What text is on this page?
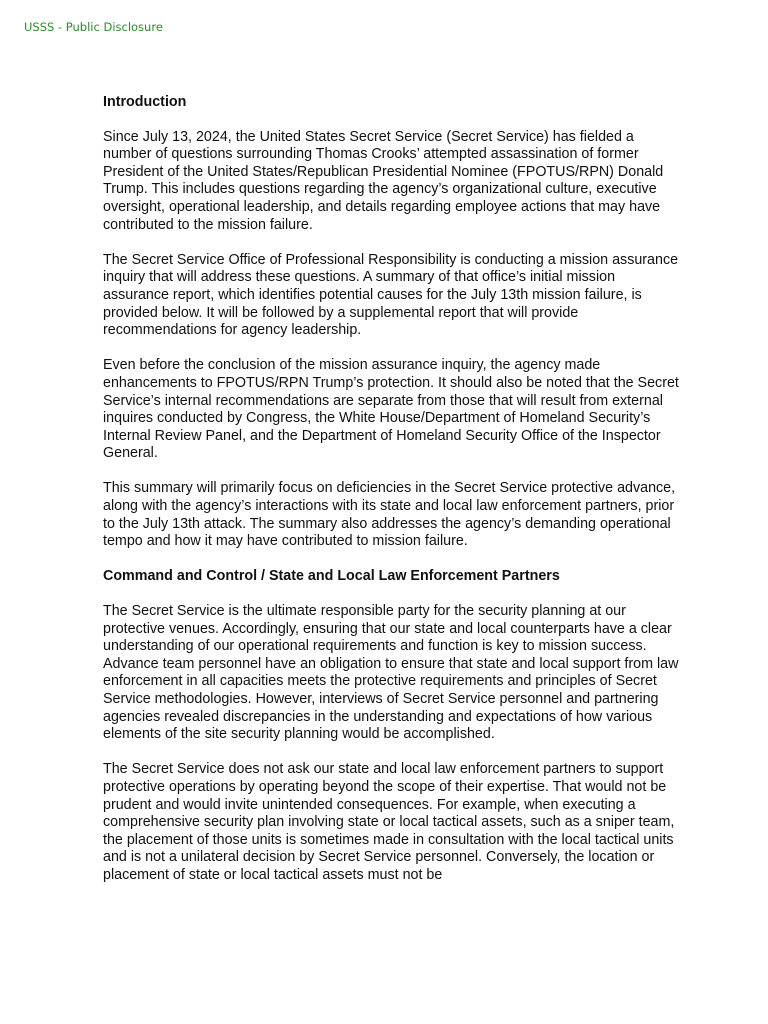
USSS - Public Disclosure
Introduction

Since July 13, 2024, the United States Secret Service (Secret Service) has fielded a number of questions surrounding Thomas Crooks’ attempted assassination of former President of the United States/Republican Presidential Nominee (FPOTUS/RPN) Donald Trump. This includes questions regarding the agency’s organizational culture, executive oversight, operational leadership, and details regarding employee actions that may have contributed to the mission failure.

The Secret Service Office of Professional Responsibility is conducting a mission assurance inquiry that will address these questions. A summary of that office’s initial mission assurance report, which identifies potential causes for the July 13th mission failure, is provided below. It will be followed by a supplemental report that will provide recommendations for agency leadership.

Even before the conclusion of the mission assurance inquiry, the agency made enhancements to FPOTUS/RPN Trump’s protection. It should also be noted that the Secret Service’s internal recommendations are separate from those that will result from external inquires conducted by Congress, the White House/Department of Homeland Security’s Internal Review Panel, and the Department of Homeland Security Office of the Inspector General.

This summary will primarily focus on deficiencies in the Secret Service protective advance, along with the agency’s interactions with its state and local law enforcement partners, prior to the July 13th attack. The summary also addresses the agency’s demanding operational tempo and how it may have contributed to mission failure.

Command and Control / State and Local Law Enforcement Partners

The Secret Service is the ultimate responsible party for the security planning at our protective venues. Accordingly, ensuring that our state and local counterparts have a clear understanding of our operational requirements and function is key to mission success. Advance team personnel have an obligation to ensure that state and local support from law enforcement in all capacities meets the protective requirements and principles of Secret Service methodologies. However, interviews of Secret Service personnel and partnering agencies revealed discrepancies in the understanding and expectations of how various elements of the site security planning would be accomplished.

The Secret Service does not ask our state and local law enforcement partners to support protective operations by operating beyond the scope of their expertise. That would not be prudent and would invite unintended consequences. For example, when executing a comprehensive security plan involving state or local tactical assets, such as a sniper team, the placement of those units is sometimes made in consultation with the local tactical units and is not a unilateral decision by Secret Service personnel. Conversely, the location or placement of state or local tactical assets must not be
